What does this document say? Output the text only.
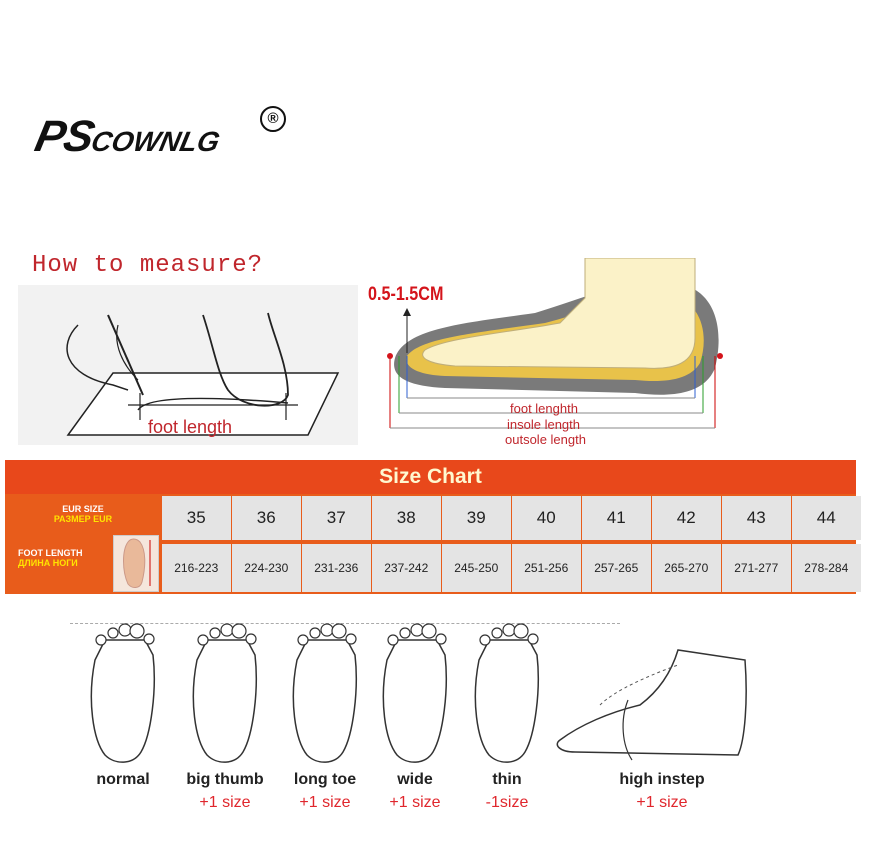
PSCOWNLG
®
How to measure?
foot length
0.5-1.5CM
foot lenghth
insole length
outsole length
Size Chart
EUR SIZE
РАЗМЕР EUR
FOOT LENGTH
ДЛИНА НОГИ
35	36	37	38	39	40	41	42	43	44
216-223	224-230	231-236	237-242	245-250	251-256	257-265	265-270	271-277	278-284
normal	big thumb
+1 size
long toe
+1 size
wide
+1 size
thin
-1size
high instep
+1 size
